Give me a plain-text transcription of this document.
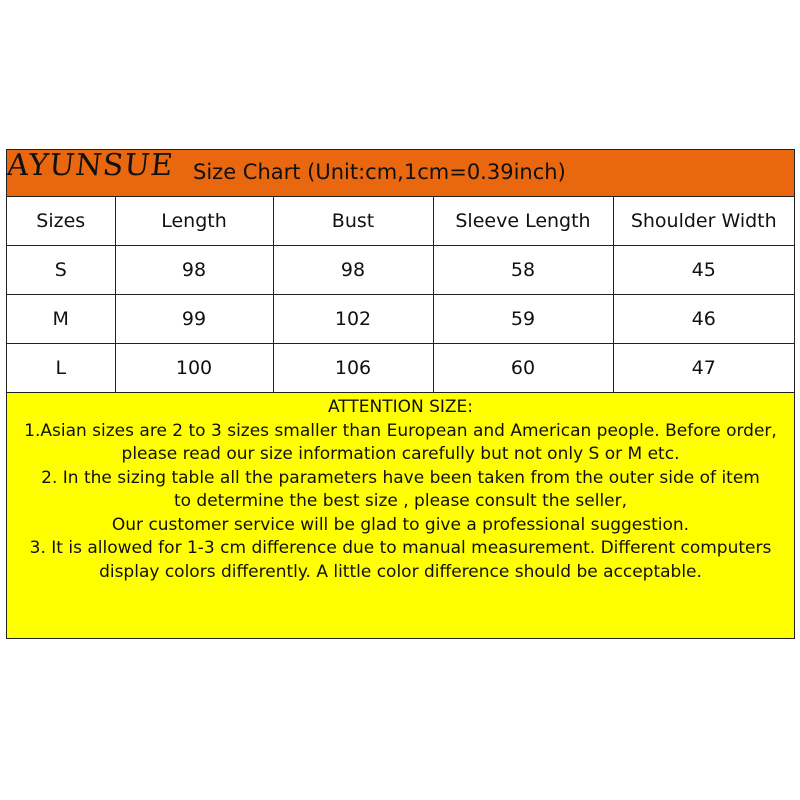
AYUNSUE Size Chart (Unit:cm,1cm=0.39inch)
Sizes	Length	Bust	Sleeve Length	Shoulder Width
S	98	98	58	45
M	99	102	59	46
L	100	106	60	47
ATTENTION SIZE:
1.Asian sizes are 2 to 3 sizes smaller than European and American people. Before order,
please read our size information carefully but not only S or M etc.
2. In the sizing table all the parameters have been taken from the outer side of item
to determine the best size , please consult the seller,
Our customer service will be glad to give a professional suggestion.
3. It is allowed for 1-3 cm difference due to manual measurement. Different computers display colors differently. A little color difference should be acceptable.
